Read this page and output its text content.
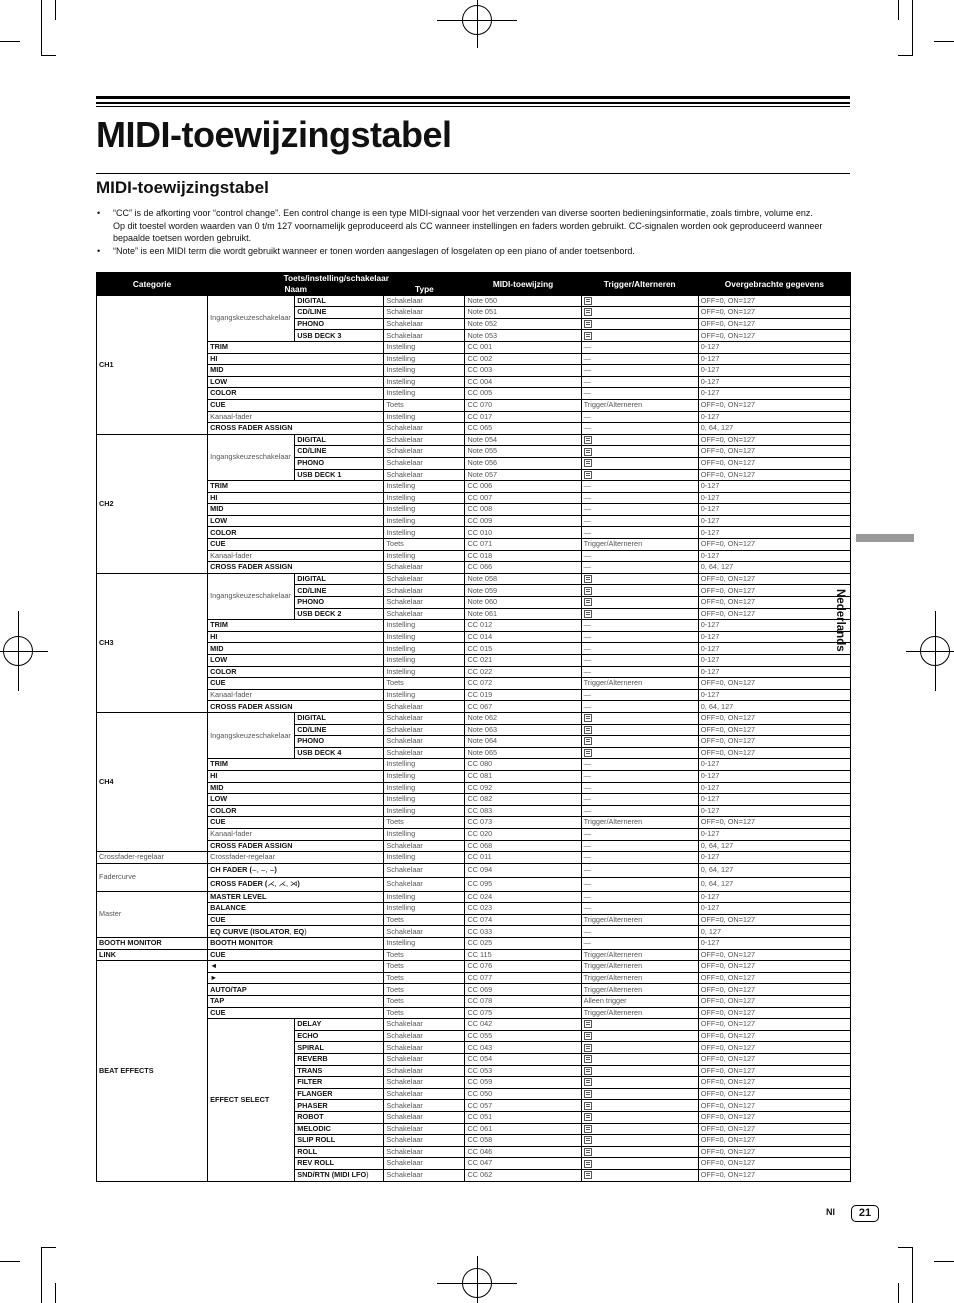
MIDI-toewijzingstabel
MIDI-toewijzingstabel
• “CC” is de afkorting voor “control change”. Een control change is een type MIDI-signaal voor het verzenden van diverse soorten bedieningsinformatie, zoals timbre, volume enz.
Op dit toestel worden waarden van 0 t/m 127 voornamelijk geproduceerd als CC wanneer instellingen en faders worden gebruikt. CC-signalen worden ook geproduceerd wanneer bepaalde toetsen worden gebruikt.
• “Note” is een MIDI term die wordt gebruikt wanneer er tonen worden aangeslagen of losgelaten op een piano of ander toetsenbord.
Categorie	Toets/instelling/schakelaar			MIDI-toewijzing	Trigger/Alterneren	Overgebrachte gegevens
	Naam		Type			
CH1	Ingangskeuzeschakelaar	DIGITAL	Schakelaar	Note 050		OFF=0, ON=127
		CD/LINE	Schakelaar	Note 051		OFF=0, ON=127
		PHONO	Schakelaar	Note 052		OFF=0, ON=127
		USB DECK 3	Schakelaar	Note 053		OFF=0, ON=127
	TRIM		Instelling	CC 001	—	0-127
	HI		Instelling	CC 002	—	0-127
	MID		Instelling	CC 003	—	0-127
	LOW		Instelling	CC 004	—	0-127
	COLOR		Instelling	CC 005	—	0-127
	CUE		Toets	CC 070	Trigger/Alterneren	OFF=0, ON=127
	Kanaal-fader		Instelling	CC 017	—	0-127
	CROSS FADER ASSIGN		Schakelaar	CC 065	—	0, 64, 127
CH2	Ingangskeuzeschakelaar	DIGITAL	Schakelaar	Note 054		OFF=0, ON=127
		CD/LINE	Schakelaar	Note 055		OFF=0, ON=127
		PHONO	Schakelaar	Note 056		OFF=0, ON=127
		USB DECK 1	Schakelaar	Note 057		OFF=0, ON=127
	TRIM		Instelling	CC 006	—	0-127
	HI		Instelling	CC 007	—	0-127
	MID		Instelling	CC 008	—	0-127
	LOW		Instelling	CC 009	—	0-127
	COLOR		Instelling	CC 010	—	0-127
	CUE		Toets	CC 071	Trigger/Alterneren	OFF=0, ON=127
	Kanaal-fader		Instelling	CC 018	—	0-127
	CROSS FADER ASSIGN		Schakelaar	CC 066	—	0, 64, 127
CH3	Ingangskeuzeschakelaar	DIGITAL	Schakelaar	Note 058		OFF=0, ON=127
		CD/LINE	Schakelaar	Note 059		OFF=0, ON=127
		PHONO	Schakelaar	Note 060		OFF=0, ON=127
		USB DECK 2	Schakelaar	Note 061		OFF=0, ON=127
	TRIM		Instelling	CC 012	—	0-127
	HI		Instelling	CC 014	—	0-127
	MID		Instelling	CC 015	—	0-127
	LOW		Instelling	CC 021	—	0-127
	COLOR		Instelling	CC 022	—	0-127
	CUE		Toets	CC 072	Trigger/Alterneren	OFF=0, ON=127
	Kanaal-fader		Instelling	CC 019	—	0-127
	CROSS FADER ASSIGN		Schakelaar	CC 067	—	0, 64, 127
CH4	Ingangskeuzeschakelaar	DIGITAL	Schakelaar	Note 062		OFF=0, ON=127
		CD/LINE	Schakelaar	Note 063		OFF=0, ON=127
		PHONO	Schakelaar	Note 064		OFF=0, ON=127
		USB DECK 4	Schakelaar	Note 065		OFF=0, ON=127
	TRIM		Instelling	CC 080	—	0-127
	HI		Instelling	CC 081	—	0-127
	MID		Instelling	CC 092	—	0-127
	LOW		Instelling	CC 082	—	0-127
	COLOR		Instelling	CC 083	—	0-127
	CUE		Toets	CC 073	Trigger/Alterneren	OFF=0, ON=127
	Kanaal-fader		Instelling	CC 020	—	0-127
	CROSS FADER ASSIGN		Schakelaar	CC 068	—	0, 64, 127
Crossfader-regelaar	Crossfader-regelaar		Instelling	CC 011	—	0-127
Fadercurve	CH FADER (⌣, ⌣, ⌣)		Schakelaar	CC 094	—	0, 64, 127
	CROSS FADER (⋌, ⋌, ⋊)		Schakelaar	CC 095	—	0, 64, 127
Master	MASTER LEVEL		Instelling	CC 024	—	0-127
	BALANCE		Instelling	CC 023	—	0-127
	CUE		Toets	CC 074	Trigger/Alterneren	OFF=0, ON=127
	EQ CURVE (ISOLATOR, EQ)		Schakelaar	CC 033	—	0, 127
BOOTH MONITOR	BOOTH MONITOR		Instelling	CC 025	—	0-127
LINK	CUE		Toets	CC 115	Trigger/Alterneren	OFF=0, ON=127
BEAT EFFECTS	◄		Toets	CC 076	Trigger/Alterneren	OFF=0, ON=127
	►		Toets	CC 077	Trigger/Alterneren	OFF=0, ON=127
	AUTO/TAP		Toets	CC 069	Trigger/Alterneren	OFF=0, ON=127
	TAP		Toets	CC 078	Alleen trigger	OFF=0, ON=127
	CUE		Toets	CC 075	Trigger/Alterneren	OFF=0, ON=127
	EFFECT SELECT	DELAY	Schakelaar	CC 042		OFF=0, ON=127
		ECHO	Schakelaar	CC 055		OFF=0, ON=127
		SPIRAL	Schakelaar	CC 043		OFF=0, ON=127
		REVERB	Schakelaar	CC 054		OFF=0, ON=127
		TRANS	Schakelaar	CC 053		OFF=0, ON=127
		FILTER	Schakelaar	CC 059		OFF=0, ON=127
		FLANGER	Schakelaar	CC 050		OFF=0, ON=127
		PHASER	Schakelaar	CC 057		OFF=0, ON=127
		ROBOT	Schakelaar	CC 051		OFF=0, ON=127
		MELODIC	Schakelaar	CC 061		OFF=0, ON=127
		SLIP ROLL	Schakelaar	CC 058		OFF=0, ON=127
		ROLL	Schakelaar	CC 046		OFF=0, ON=127
		REV ROLL	Schakelaar	CC 047		OFF=0, ON=127
		SND/RTN (MIDI LFO)	Schakelaar	CC 062		OFF=0, ON=127
Nederlands
Nl	21
